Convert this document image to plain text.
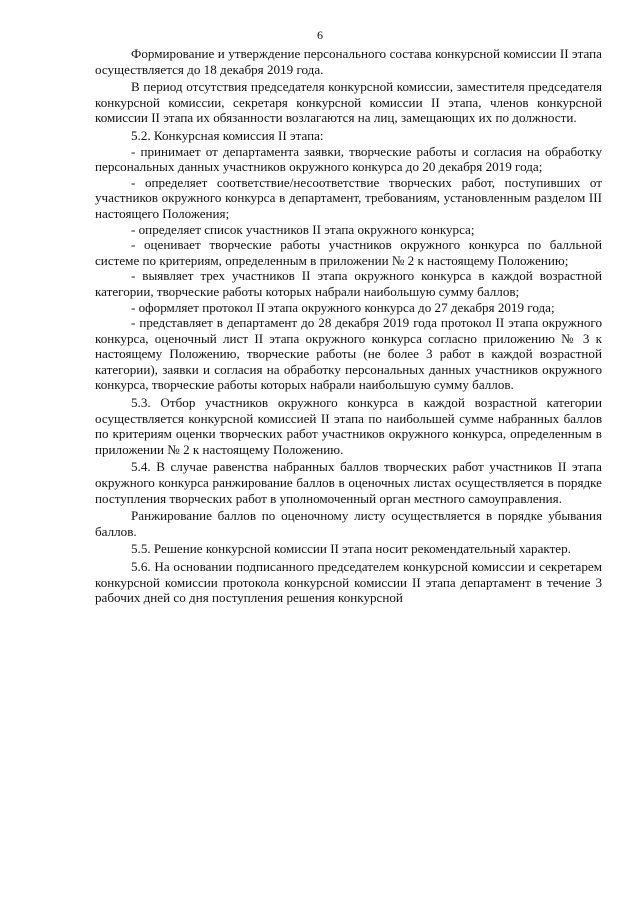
6

Формирование и утверждение персонального состава конкурсной комиссии II этапа осуществляется до 18 декабря 2019 года.

В период отсутствия председателя конкурсной комиссии, заместителя председателя конкурсной комиссии, секретаря конкурсной комиссии II этапа, членов конкурсной комиссии II этапа их обязанности возлагаются на лиц, замещающих их по должности.

5.2. Конкурсная комиссия II этапа:

- принимает от департамента заявки, творческие работы и согласия на обработку персональных данных участников окружного конкурса до 20 декабря 2019 года;

- определяет соответствие/несоответствие творческих работ, поступивших от участников окружного конкурса в департамент, требованиям, установленным разделом III настоящего Положения;

- определяет список участников II этапа окружного конкурса;

- оценивает творческие работы участников окружного конкурса по балльной системе по критериям, определенным в приложении № 2 к настоящему Положению;

- выявляет трех участников II этапа окружного конкурса в каждой возрастной категории, творческие работы которых набрали наибольшую сумму баллов;

- оформляет протокол II этапа окружного конкурса до 27 декабря 2019 года;

- представляет в департамент до 28 декабря 2019 года протокол II этапа окружного конкурса, оценочный лист II этапа окружного конкурса согласно приложению № 3 к настоящему Положению, творческие работы (не более 3 работ в каждой возрастной категории), заявки и согласия на обработку персональных данных участников окружного конкурса, творческие работы которых набрали наибольшую сумму баллов.

5.3. Отбор участников окружного конкурса в каждой возрастной категории осуществляется конкурсной комиссией II этапа по наибольшей сумме набранных баллов по критериям оценки творческих работ участников окружного конкурса, определенным в приложении № 2 к настоящему Положению.

5.4. В случае равенства набранных баллов творческих работ участников II этапа окружного конкурса ранжирование баллов в оценочных листах осуществляется в порядке поступления творческих работ в уполномоченный орган местного самоуправления.

Ранжирование баллов по оценочному листу осуществляется в порядке убывания баллов.

5.5. Решение конкурсной комиссии II этапа носит рекомендательный характер.

5.6. На основании подписанного председателем конкурсной комиссии и секретарем конкурсной комиссии протокола конкурсной комиссии II этапа департамент в течение 3 рабочих дней со дня поступления решения конкурсной
